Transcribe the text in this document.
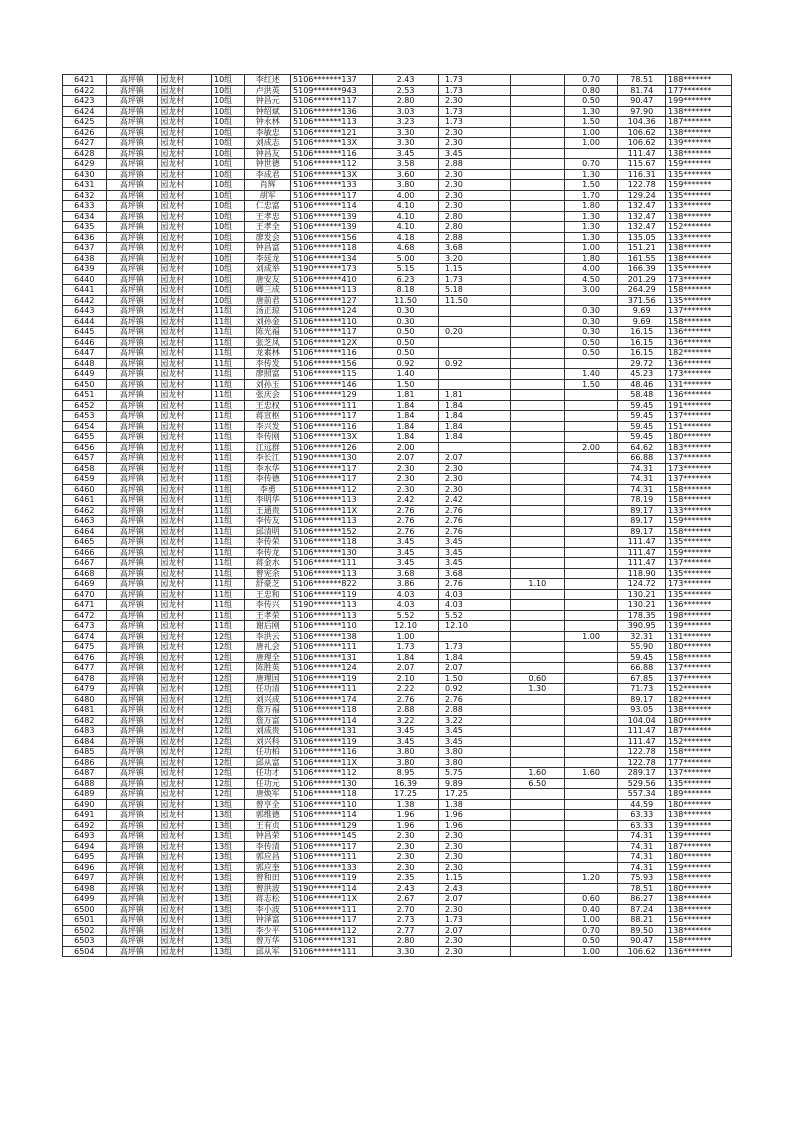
6421	高坪镇	园龙村	10组	李红述	5106*******137	2.43	1.73		0.70	78.51	188*******
6422	高坪镇	园龙村	10组	卢洪英	5109*******943	2.53	1.73		0.80	81.74	177*******
6423	高坪镇	园龙村	10组	钟昌元	5106*******117	2.80	2.30		0.50	90.47	199*******
6424	高坪镇	园龙村	10组	钟绍斌	5106*******136	3.03	1.73		1.30	97.90	138*******
6425	高坪镇	园龙村	10组	钟永林	5106*******113	3.23	1.73		1.50	104.36	187*******
6426	高坪镇	园龙村	10组	李敏忠	5106*******121	3.30	2.30		1.00	106.62	138*******
6427	高坪镇	园龙村	10组	刘成志	5106*******13X	3.30	2.30		1.00	106.62	139*******
6428	高坪镇	园龙村	10组	钟昌友	5106*******116	3.45	3.45			111.47	138*******
6429	高坪镇	园龙村	10组	钟世德	5106*******112	3.58	2.88		0.70	115.67	159*******
6430	高坪镇	园龙村	10组	李成君	5106*******13X	3.60	2.30		1.30	116.31	135*******
6431	高坪镇	园龙村	10组	肖辉	5106*******133	3.80	2.30		1.50	122.78	159*******
6432	高坪镇	园龙村	10组	胡军	5106*******117	4.00	2.30		1.70	129.24	135*******
6433	高坪镇	园龙村	10组	仁忠富	5106*******114	4.10	2.30		1.80	132.47	133*******
6434	高坪镇	园龙村	10组	王孝忠	5106*******139	4.10	2.80		1.30	132.47	138*******
6435	高坪镇	园龙村	10组	王孝全	5106*******139	4.10	2.80		1.30	132.47	152*******
6436	高坪镇	园龙村	10组	廖发会	5106*******156	4.18	2.88		1.30	135.05	133*******
6437	高坪镇	园龙村	10组	钟昌富	5106*******118	4.68	3.68		1.00	151.21	138*******
6438	高坪镇	园龙村	10组	李廷龙	5106*******134	5.00	3.20		1.80	161.55	138*******
6439	高坪镇	园龙村	10组	刘成举	5190*******173	5.15	1.15		4.00	166.39	135*******
6440	高坪镇	园龙村	10组	唐安友	5106*******410	6.23	1.73		4.50	201.29	173*******
6441	高坪镇	园龙村	10组	卿三成	5106*******113	8.18	5.18		3.00	264.29	158*******
6442	高坪镇	园龙村	10组	唐前君	5106*******127	11.50	11.50			371.56	135*******
6443	高坪镇	园龙村	11组	汤正琼	5106*******124	0.30			0.30	9.69	137*******
6444	高坪镇	园龙村	11组	刘孙金	5106*******110	0.30			0.30	9.69	158*******
6445	高坪镇	园龙村	11组	陈光福	5106*******117	0.50	0.20		0.30	16.15	136*******
6446	高坪镇	园龙村	11组	张芝凤	5106*******12X	0.50			0.50	16.15	136*******
6447	高坪镇	园龙村	11组	龙素林	5106*******116	0.50			0.50	16.15	182*******
6448	高坪镇	园龙村	11组	李传发	5106*******156	0.92	0.92			29.72	136*******
6449	高坪镇	园龙村	11组	廖照富	5106*******115	1.40			1.40	45.23	173*******
6450	高坪镇	园龙村	11组	刘孙玉	5106*******146	1.50			1.50	48.46	131*******
6451	高坪镇	园龙村	11组	张庆会	5106*******129	1.81	1.81			58.48	136*******
6452	高坪镇	园龙村	11组	王忠权	5106*******111	1.84	1.84			59.45	191*******
6453	高坪镇	园龙村	11组	蒋宣枢	5106*******117	1.84	1.84			59.45	137*******
6454	高坪镇	园龙村	11组	李兴发	5106*******116	1.84	1.84			59.45	151*******
6455	高坪镇	园龙村	11组	李传刚	5106*******13X	1.84	1.84			59.45	180*******
6456	高坪镇	园龙村	11组	江远群	5106*******126	2.00			2.00	64.62	183*******
6457	高坪镇	园龙村	11组	李长江	5190*******130	2.07	2.07			66.88	137*******
6458	高坪镇	园龙村	11组	李水华	5106*******117	2.30	2.30			74.31	173*******
6459	高坪镇	园龙村	11组	李传德	5106*******117	2.30	2.30			74.31	137*******
6460	高坪镇	园龙村	11组	李勇	5106*******112	2.30	2.30			74.31	158*******
6461	高坪镇	园龙村	11组	李明华	5106*******113	2.42	2.42			78.19	158*******
6462	高坪镇	园龙村	11组	王通贵	5106*******11X	2.76	2.76			89.17	133*******
6463	高坪镇	园龙村	11组	李传友	5106*******113	2.76	2.76			89.17	159*******
6464	高坪镇	园龙村	11组	邱清明	5106*******152	2.76	2.76			89.17	158*******
6465	高坪镇	园龙村	11组	李传荣	5106*******118	3.45	3.45			111.47	135*******
6466	高坪镇	园龙村	11组	李传龙	5106*******130	3.45	3.45			111.47	159*******
6467	高坪镇	园龙村	11组	蒋金水	5106*******111	3.45	3.45			111.47	137*******
6468	高坪镇	园龙村	11组	曾宪余	5106*******113	3.68	3.68			118.90	135*******
6469	高坪镇	园龙村	11组	舒豪芝	5106*******822	3.86	2.76	1.10		124.72	173*******
6470	高坪镇	园龙村	11组	王忠和	5106*******119	4.03	4.03			130.21	135*******
6471	高坪镇	园龙村	11组	李传兴	5190*******113	4.03	4.03			130.21	136*******
6472	高坪镇	园龙村	11组	王孝荣	5106*******113	5.52	5.52			178.35	198*******
6473	高坪镇	园龙村	11组	谢后刚	5106*******110	12.10	12.10			390.95	139*******
6474	高坪镇	园龙村	12组	李洪云	5106*******138	1.00			1.00	32.31	131*******
6475	高坪镇	园龙村	12组	唐礼会	5106*******111	1.73	1.73			55.90	180*******
6476	高坪镇	园龙村	12组	唐理全	5106*******131	1.84	1.84			59.45	158*******
6477	高坪镇	园龙村	12组	陈胜英	5106*******124	2.07	2.07			66.88	137*******
6478	高坪镇	园龙村	12组	唐理国	5106*******119	2.10	1.50	0.60		67.85	137*******
6479	高坪镇	园龙村	12组	任功清	5106*******111	2.22	0.92	1.30		71.73	152*******
6480	高坪镇	园龙村	12组	刘兴成	5106*******174	2.76	2.76			89.17	182*******
6481	高坪镇	园龙村	12组	詹万福	5106*******118	2.88	2.88			93.05	138*******
6482	高坪镇	园龙村	12组	詹万富	5106*******114	3.22	3.22			104.04	180*******
6483	高坪镇	园龙村	12组	刘成贵	5106*******131	3.45	3.45			111.47	187*******
6484	高坪镇	园龙村	12组	刘兴科	5106*******119	3.45	3.45			111.47	152*******
6485	高坪镇	园龙村	12组	任功柏	5106*******116	3.80	3.80			122.78	158*******
6486	高坪镇	园龙村	12组	邱从富	5106*******11X	3.80	3.80			122.78	177*******
6487	高坪镇	园龙村	12组	任功才	5106*******112	8.95	5.75	1.60	1.60	289.17	137*******
6488	高坪镇	园龙村	12组	任功元	5106*******130	16.39	9.89	6.50		529.56	135*******
6489	高坪镇	园龙村	12组	唐焕军	5106*******118	17.25	17.25			557.34	189*******
6490	高坪镇	园龙村	13组	曾亨全	5106*******110	1.38	1.38			44.59	180*******
6491	高坪镇	园龙村	13组	郭维德	5106*******114	1.96	1.96			63.33	138*******
6492	高坪镇	园龙村	13组	王有贞	5106*******129	1.96	1.96			63.33	139*******
6493	高坪镇	园龙村	13组	钟昌荣	5106*******145	2.30	2.30			74.31	139*******
6494	高坪镇	园龙村	13组	李传清	5106*******117	2.30	2.30			74.31	187*******
6495	高坪镇	园龙村	13组	郭应昌	5106*******111	2.30	2.30			74.31	180*******
6496	高坪镇	园龙村	13组	郭应奎	5106*******133	2.30	2.30			74.31	159*******
6497	高坪镇	园龙村	13组	曾和田	5106*******119	2.35	1.15		1.20	75.93	158*******
6498	高坪镇	园龙村	13组	曾洪波	5190*******114	2.43	2.43			78.51	180*******
6499	高坪镇	园龙村	13组	蒋志松	5106*******11X	2.67	2.07		0.60	86.27	138*******
6500	高坪镇	园龙村	13组	李小波	5106*******111	2.70	2.30		0.40	87.24	138*******
6501	高坪镇	园龙村	13组	钟泽富	5106*******117	2.73	1.73		1.00	88.21	156*******
6502	高坪镇	园龙村	13组	李少平	5106*******112	2.77	2.07		0.70	89.50	138*******
6503	高坪镇	园龙村	13组	曾万华	5106*******131	2.80	2.30		0.50	90.47	158*******
6504	高坪镇	园龙村	13组	邱从军	5106*******111	3.30	2.30		1.00	106.62	136*******
